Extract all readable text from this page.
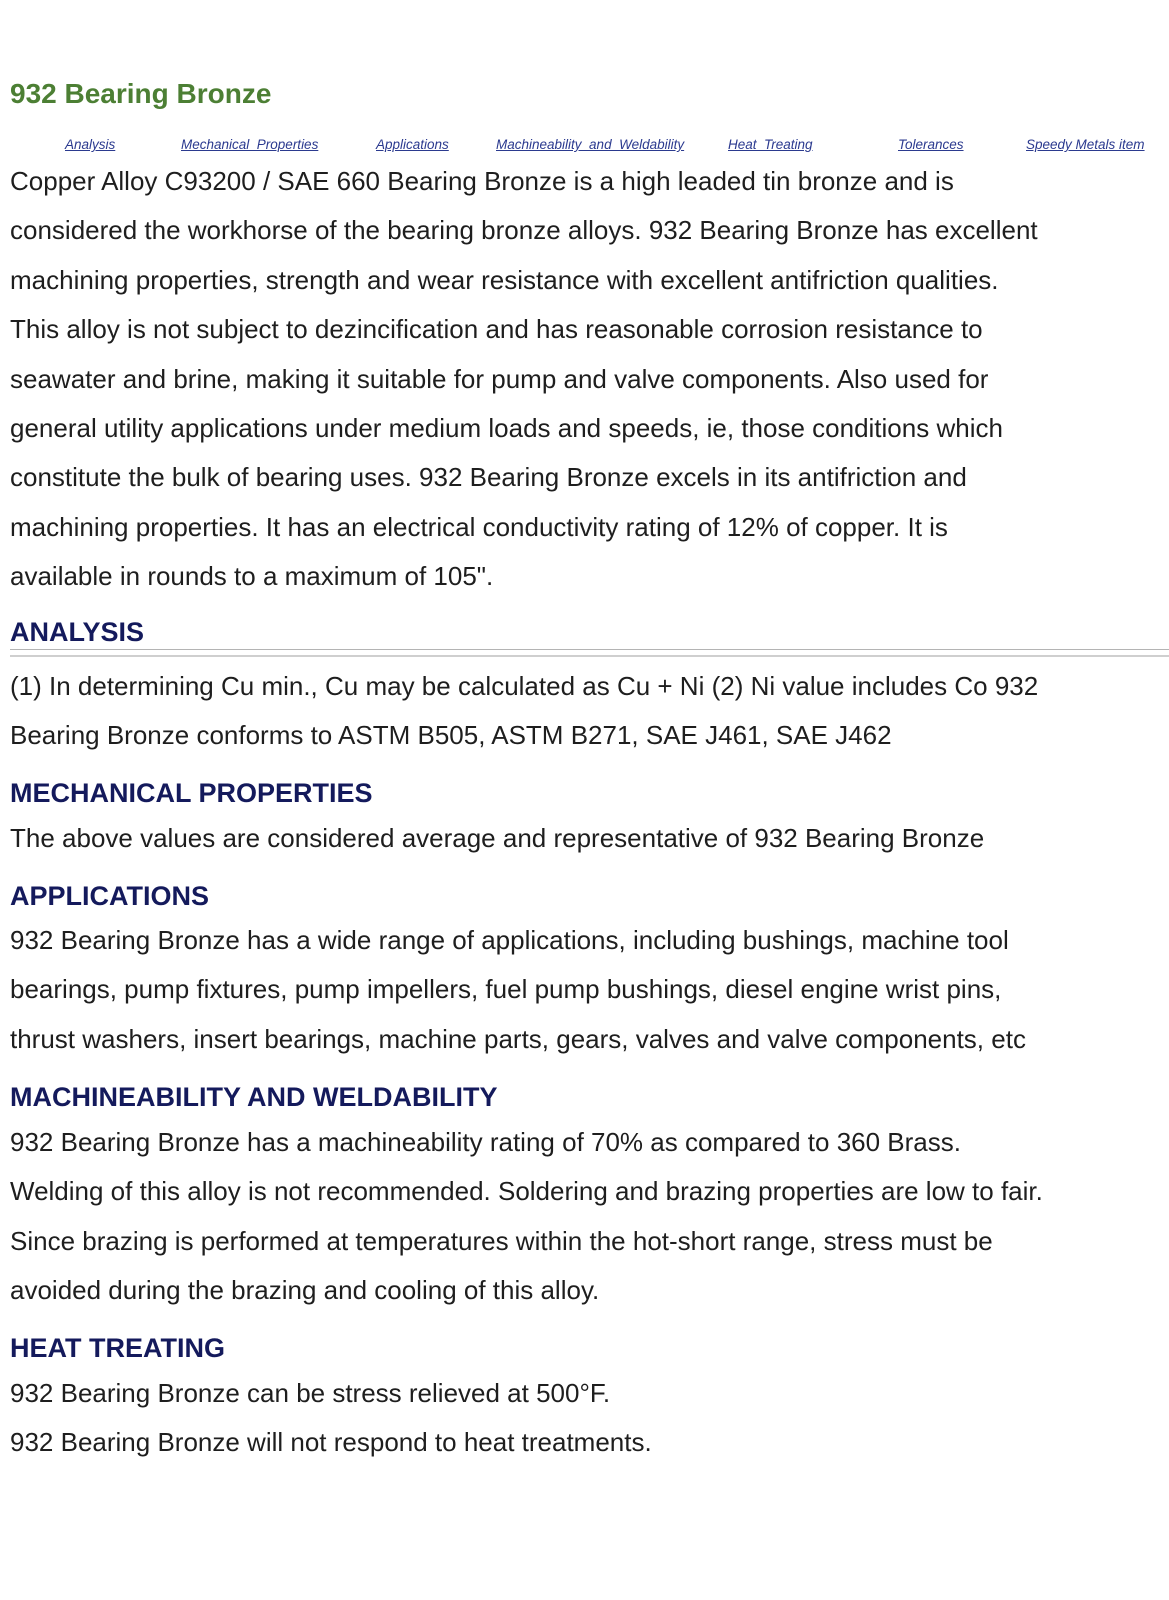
932 Bearing Bronze
Analysis	Mechanical_Properties	Applications	Machineability_and_Weldability	Heat_Treating	Tolerances	Speedy Metals item

Copper Alloy C93200 / SAE 660 Bearing Bronze is a high leaded tin bronze and is
considered the workhorse of the bearing bronze alloys. 932 Bearing Bronze has excellent
machining properties, strength and wear resistance with excellent antifriction qualities.
This alloy is not subject to dezincification and has reasonable corrosion resistance to
seawater and brine, making it suitable for pump and valve components. Also used for
general utility applications under medium loads and speeds, ie, those conditions which
constitute the bulk of bearing uses. 932 Bearing Bronze excels in its antifriction and
machining properties. It has an electrical conductivity rating of 12% of copper. It is
available in rounds to a maximum of 105".

ANALYSIS

(1) In determining Cu min., Cu may be calculated as Cu + Ni (2) Ni value includes Co 932
Bearing Bronze conforms to ASTM B505, ASTM B271, SAE J461, SAE J462

MECHANICAL PROPERTIES

The above values are considered average and representative of 932 Bearing Bronze

APPLICATIONS

932 Bearing Bronze has a wide range of applications, including bushings, machine tool
bearings, pump fixtures, pump impellers, fuel pump bushings, diesel engine wrist pins,
thrust washers, insert bearings, machine parts, gears, valves and valve components, etc

MACHINEABILITY AND WELDABILITY

932 Bearing Bronze has a machineability rating of 70% as compared to 360 Brass.
Welding of this alloy is not recommended. Soldering and brazing properties are low to fair.
Since brazing is performed at temperatures within the hot-short range, stress must be
avoided during the brazing and cooling of this alloy.

HEAT TREATING

932 Bearing Bronze can be stress relieved at 500°F.
932 Bearing Bronze will not respond to heat treatments.
